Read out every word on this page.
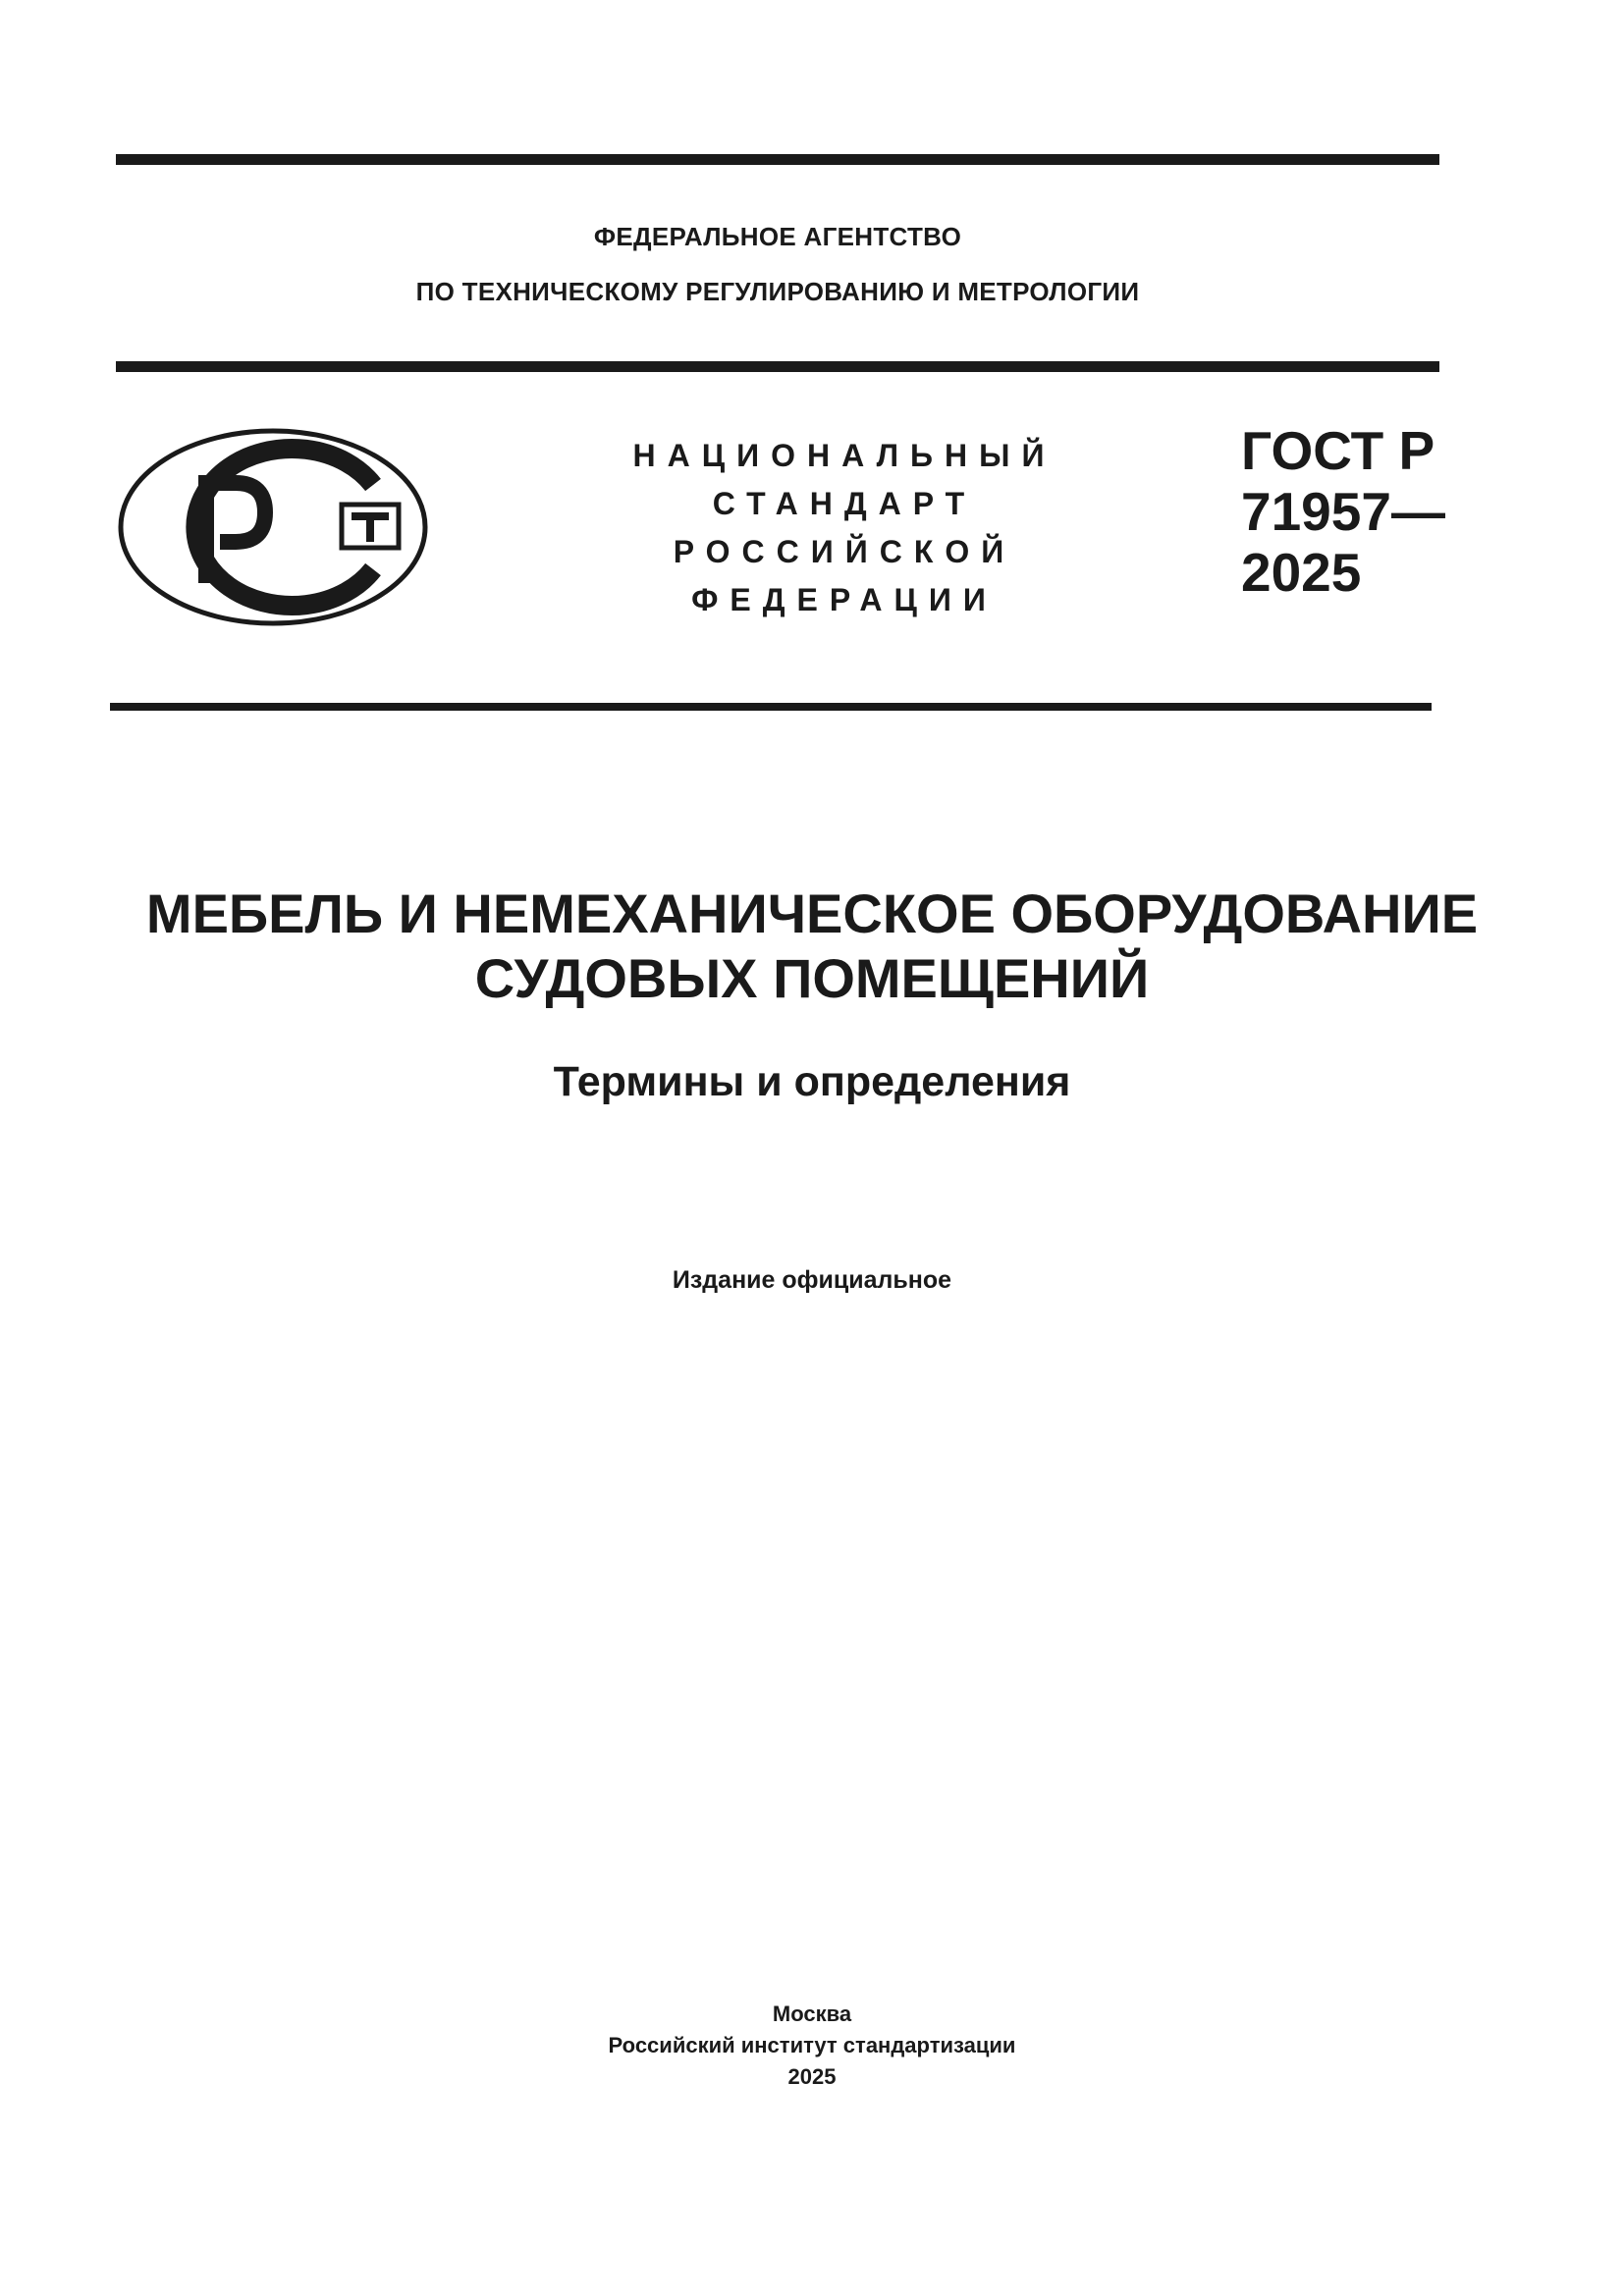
ФЕДЕРАЛЬНОЕ АГЕНТСТВО
ПО ТЕХНИЧЕСКОМУ РЕГУЛИРОВАНИЮ И МЕТРОЛОГИИ
НАЦИОНАЛЬНЫЙ
СТАНДАРТ
РОССИЙСКОЙ
ФЕДЕРАЦИИ
ГОСТ Р
71957—
2025
МЕБЕЛЬ И НЕМЕХАНИЧЕСКОЕ ОБОРУДОВАНИЕ
СУДОВЫХ ПОМЕЩЕНИЙ
Термины и определения
Издание официальное
Москва
Российский институт стандартизации
2025
